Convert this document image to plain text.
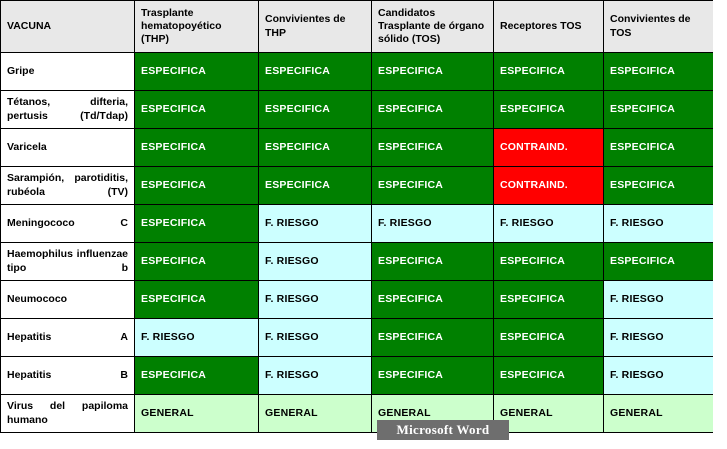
VACUNA	Trasplante hematopoyético (THP)	Convivientes de THP	Candidatos Trasplante de órgano sólido (TOS)	Receptores TOS	Convivientes de TOS

Gripe	ESPECIFICA	ESPECIFICA	ESPECIFICA	ESPECIFICA	ESPECIFICA

Tétanos, difteria, pertusis (Td/Tdap)	ESPECIFICA	ESPECIFICA	ESPECIFICA	ESPECIFICA	ESPECIFICA

Varicela	ESPECIFICA	ESPECIFICA	ESPECIFICA	CONTRAIND.	ESPECIFICA

Sarampión, parotiditis, rubéola (TV)	ESPECIFICA	ESPECIFICA	ESPECIFICA	CONTRAIND.	ESPECIFICA

Meningococo C	ESPECIFICA	F. RIESGO	F. RIESGO	F. RIESGO	F. RIESGO

Haemophilus influenzae tipo b	ESPECIFICA	F. RIESGO	ESPECIFICA	ESPECIFICA	ESPECIFICA

Neumococo	ESPECIFICA	F. RIESGO	ESPECIFICA	ESPECIFICA	F. RIESGO

Hepatitis A	F. RIESGO	F. RIESGO	ESPECIFICA	ESPECIFICA	F. RIESGO

Hepatitis B	ESPECIFICA	F. RIESGO	ESPECIFICA	ESPECIFICA	F. RIESGO

Virus del papiloma humano	GENERAL	GENERAL	GENERAL	GENERAL	GENERAL
Microsoft Word
